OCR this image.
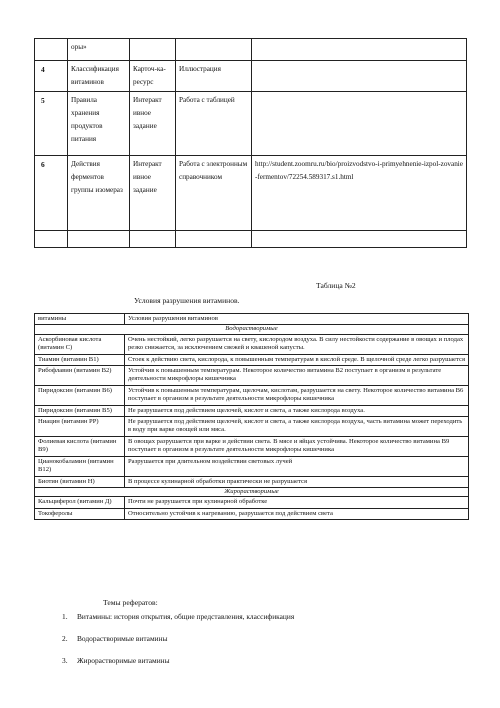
	оры»			
4	Классификация витаминов	Карточ-ка-ресурс	Иллюстрация	
5	Правила хранения продуктов питания	Интеракт ивное задание	Работа с таблицей	
6	Действия ферментов группы изомераз	Интеракт ивное задание	Работа с электронным справочником	http://student.zoomru.ru/bio/proizvodstvo-i-primyehnenie-izpol-zovanie-fermentov/72254.589317.s1.html

Таблица №2
Условия разрушения витаминов.
витамины	Условия разрушения витаминов
Водорастворимые	
Аскорбиновая кислота (витамин C)	Очень нестойкий, легко разрушается на свету, кислородом воздуха. В силу нестойкости содержание в овощах и плодах резко снижается, за исключением свежей и квашеной капусты.
Тиамин (витамин B1)	Стоек к действию света, кислорода, к повышенным температурам в кислой среде. В щелочной среде легко разрушается
Рибофлавин (витамин B2)	Устойчив к повышенным температурам. Некоторое количество витамина B2 поступает в организм в результате деятельности микрофлоры кишечника
Пиридоксин (витамин B6)	Устойчив к повышенным температурам, щелочам, кислотам, разрушается на свету. Некоторое количество витамина B6 поступает в организм в результате деятельности микрофлоры кишечника
Пиридоксин (витамин B5)	Не разрушается под действием щелочей, кислот и света, а также кислорода воздуха.
Ниацин (витамин PP)	Не разрушается под действием щелочей, кислот и света, а также кислорода воздуха, часть витамина может переходить в воду при варке овощей или мяса.
Фолиевая кислота (витамин B9)	В овощах разрушается при варке и действии света. В мясе и яйцах устойчива. Некоторое количество витамина B9 поступает в организм в результате деятельности микрофлоры кишечника
Цианокобаламин (витамин B12)	Разрушается при длительном воздействии световых лучей
Биотин (витамин H)	В процессе кулинарной обработки практически не разрушается
Жирорастворимые	
Кальциферол (витамин Д)	Почти не разрушается при кулинарной обработке
Токоферолы	Относительно устойчив к нагреванию, разрушается под действием света
Темы рефератов:
1.	Витамины: история открытия, общие представления, классификация
2.	Водорастворимые витамины
3.	Жирорастворимые витамины
